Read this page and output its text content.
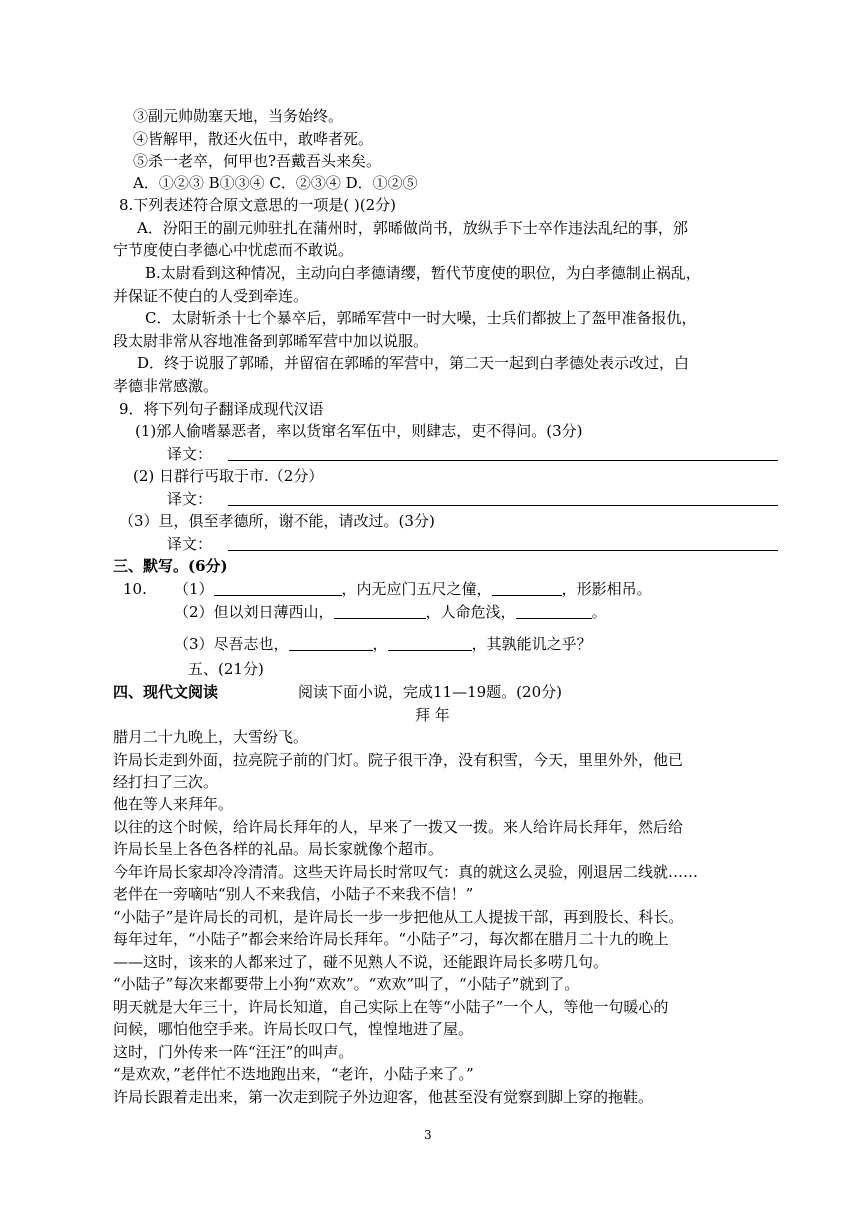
③副元帅勋塞天地，当务始终。
④皆解甲，散还火伍中，敢哗者死。
⑤杀一老卒，何甲也?吾戴吾头来矣。
A．①②③ B①③④ C．②③④ D．①②⑤
8.下列表述符合原文意思的一项是( )(2分)
A．汾阳王的副元帅驻扎在蒲州时，郭晞做尚书，放纵手下士卒作违法乱纪的事，邠
宁节度使白孝德心中忧虑而不敢说。
B.太尉看到这种情况，主动向白孝德请缨，暂代节度使的职位，为白孝德制止祸乱，
并保证不使白的人受到牵连。
C．太尉斩杀十七个暴卒后，郭晞军营中一时大噪，士兵们都披上了盔甲准备报仇，
段太尉非常从容地准备到郭晞军营中加以说服。
D．终于说服了郭晞，并留宿在郭晞的军营中，第二天一起到白孝德处表示改过，白
孝德非常感激。
9．将下列句子翻译成现代汉语
(1)邠人偷嗜暴恶者，率以货窜名军伍中，则肆志，吏不得问。(3分)
译文：
(2) 日群行丐取于市.（2分）
译文：
（3）旦，俱至孝德所，谢不能，请改过。(3分)
译文：
三、默写。(6分)
10. （1）	，内无应门五尺之僮，	，形影相吊。
（2）但以刘日薄西山，	，人命危浅，	。
（3）尽吾志也，	，	，其孰能讥之乎？
五、(21分)
四、现代文阅读	阅读下面小说，完成11—19题。(20分)
拜 年
腊月二十九晚上，大雪纷飞。
许局长走到外面，拉亮院子前的门灯。院子很干净，没有积雪，今天，里里外外，他已
经打扫了三次。
他在等人来拜年。
以往的这个时候，给许局长拜年的人，早来了一拨又一拨。来人给许局长拜年，然后给
许局长呈上各色各样的礼品。局长家就像个超市。
今年许局长家却冷冷清清。这些天许局长时常叹气：真的就这么灵验，刚退居二线就……
老伴在一旁嘀咕“别人不来我信，小陆子不来我不信！”
“小陆子”是许局长的司机，是许局长一步一步把他从工人提拔干部，再到股长、科长。
每年过年，“小陆子”都会来给许局长拜年。“小陆子”刁，每次都在腊月二十九的晚上
——这时，该来的人都来过了，碰不见熟人不说，还能跟许局长多唠几句。
“小陆子”每次来都要带上小狗“欢欢”。“欢欢”叫了，“小陆子”就到了。
明天就是大年三十，许局长知道，自己实际上在等“小陆子”一个人，等他一句暖心的
问候，哪怕他空手来。许局长叹口气，惶惶地进了屋。
这时，门外传来一阵“汪汪”的叫声。
“是欢欢，”老伴忙不迭地跑出来，“老许，小陆子来了。”
许局长跟着走出来，第一次走到院子外边迎客，他甚至没有觉察到脚上穿的拖鞋。
3
